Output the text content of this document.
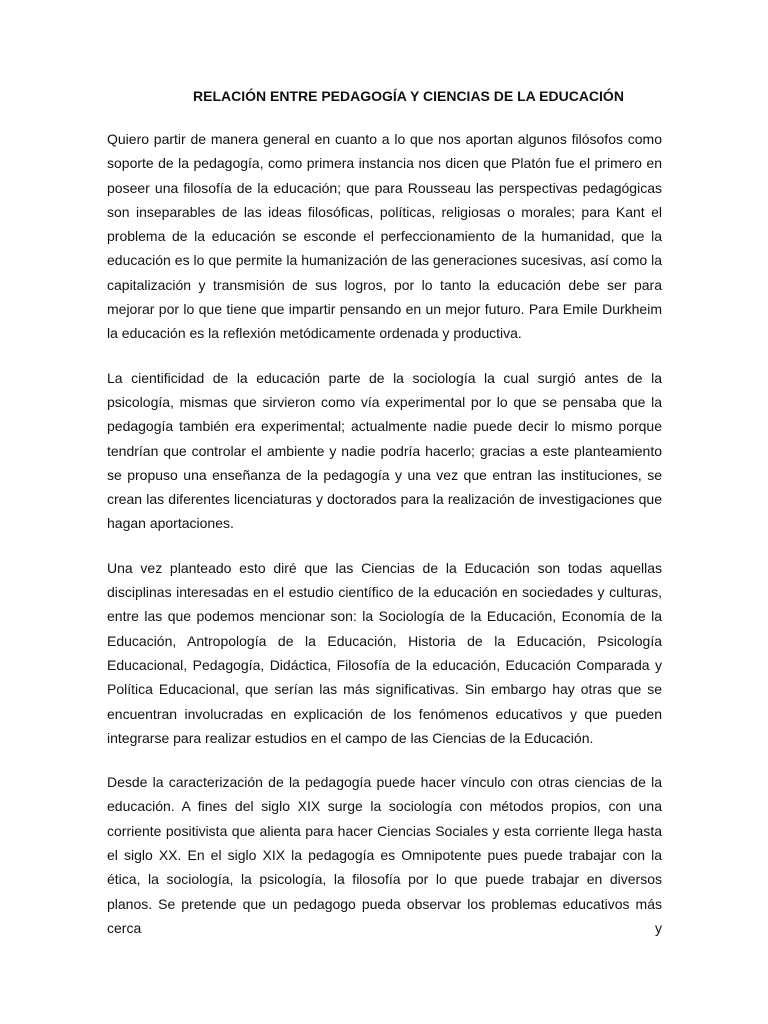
RELACIÓN ENTRE PEDAGOGÍA Y CIENCIAS DE LA EDUCACIÓN

Quiero partir de manera general en cuanto a lo que nos aportan algunos filósofos como soporte de la pedagogía, como primera instancia nos dicen que Platón fue el primero en poseer una filosofía de la educación; que para Rousseau las perspectivas pedagógicas son inseparables de las ideas filosóficas, políticas, religiosas o morales; para Kant el problema de la educación se esconde el perfeccionamiento de la humanidad, que la educación es lo que permite la humanización de las generaciones sucesivas, así como la capitalización y transmisión de sus logros, por lo tanto la educación debe ser para mejorar por lo que tiene que impartir pensando en un mejor futuro. Para Emile Durkheim la educación es la reflexión metódicamente ordenada y productiva.

La cientificidad de la educación parte de la sociología la cual surgió antes de la psicología, mismas que sirvieron como vía experimental por lo que se pensaba que la pedagogía también era experimental; actualmente nadie puede decir lo mismo porque tendrían que controlar el ambiente y nadie podría hacerlo; gracias a este planteamiento se propuso una enseñanza de la pedagogía y una vez que entran las instituciones, se crean las diferentes licenciaturas y doctorados para la realización de investigaciones que hagan aportaciones.

Una vez planteado esto diré que las Ciencias de la Educación son todas aquellas disciplinas interesadas en el estudio científico de la educación en sociedades y culturas, entre las que podemos mencionar son: la Sociología de la Educación, Economía de la Educación, Antropología de la Educación, Historia de la Educación, Psicología Educacional, Pedagogía, Didáctica, Filosofía de la educación, Educación Comparada y Política Educacional, que serían las más significativas. Sin embargo hay otras que se encuentran involucradas en explicación de los fenómenos educativos y que pueden integrarse para realizar estudios en el campo de las Ciencias de la Educación.

Desde la caracterización de la pedagogía puede hacer vínculo con otras ciencias de la educación. A fines del siglo XIX surge la sociología con métodos propios, con una corriente positivista que alienta para hacer Ciencias Sociales y esta corriente llega hasta el siglo XX. En el siglo XIX la pedagogía es Omnipotente pues puede trabajar con la ética, la sociología, la psicología, la filosofía por lo que puede trabajar en diversos planos. Se pretende que un pedagogo pueda observar los problemas educativos más cerca y
